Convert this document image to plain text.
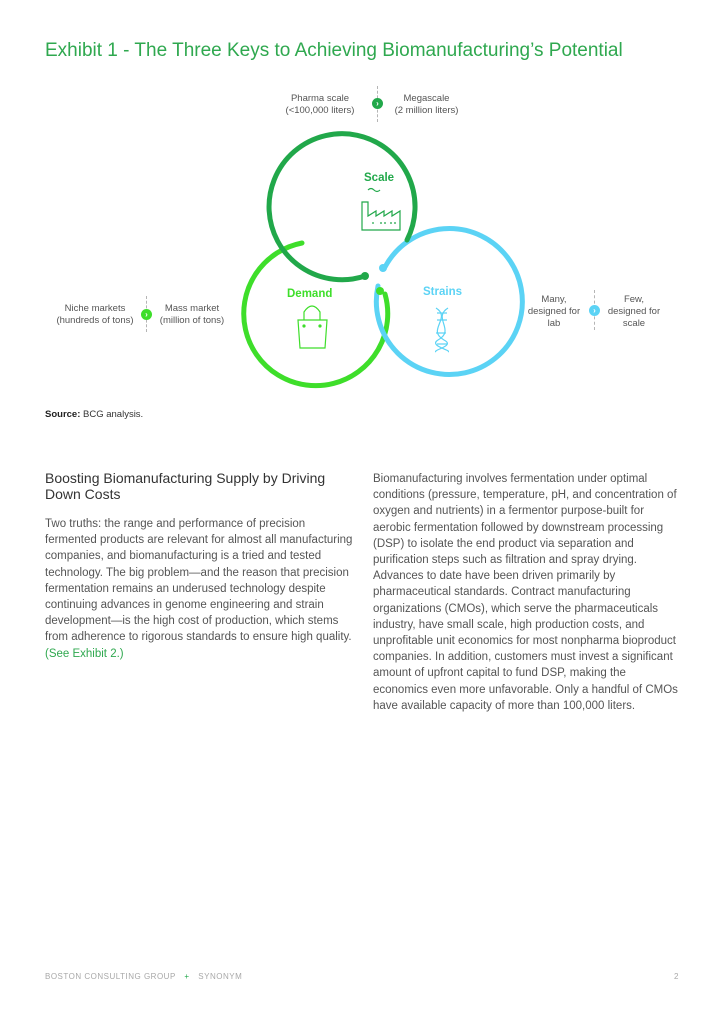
Exhibit 1 - The Three Keys to Achieving Biomanufacturing’s Potential
Pharma scale
(<100,000 liters)
›	Megascale
(2 million liters)
Scale
Demand
Niche markets
(hundreds of tons)
›
Mass market
(million of tons)
Strains
Many,
designed for
lab
›
Few,
designed for
scale
Source: BCG analysis.
Boosting Biomanufacturing Supply by Driving Down Costs
Two truths: the range and performance of precision fermented products are relevant for almost all manufacturing companies, and biomanufacturing is a tried and tested technology. The big problem—and the reason that precision fermentation remains an underused technology despite continuing advances in genome engineering and strain development—is the high cost of production, which stems from adherence to rigorous standards to ensure high quality. (See Exhibit 2.)
Biomanufacturing involves fermentation under optimal conditions (pressure, temperature, pH, and concentration of oxygen and nutrients) in a fermentor purpose-built for aerobic fermentation followed by downstream processing (DSP) to isolate the end product via separation and purification steps such as filtration and spray drying. Advances to date have been driven primarily by pharmaceutical standards. Contract manufacturing organizations (CMOs), which serve the pharmaceuticals industry, have small scale, high production costs, and unprofitable unit economics for most nonpharma bioproduct companies. In addition, customers must invest a significant amount of upfront capital to fund DSP, making the economics even more unfavorable. Only a handful of CMOs have available capacity of more than 100,000 liters.
BOSTON CONSULTING GROUP + SYNONYM	2
